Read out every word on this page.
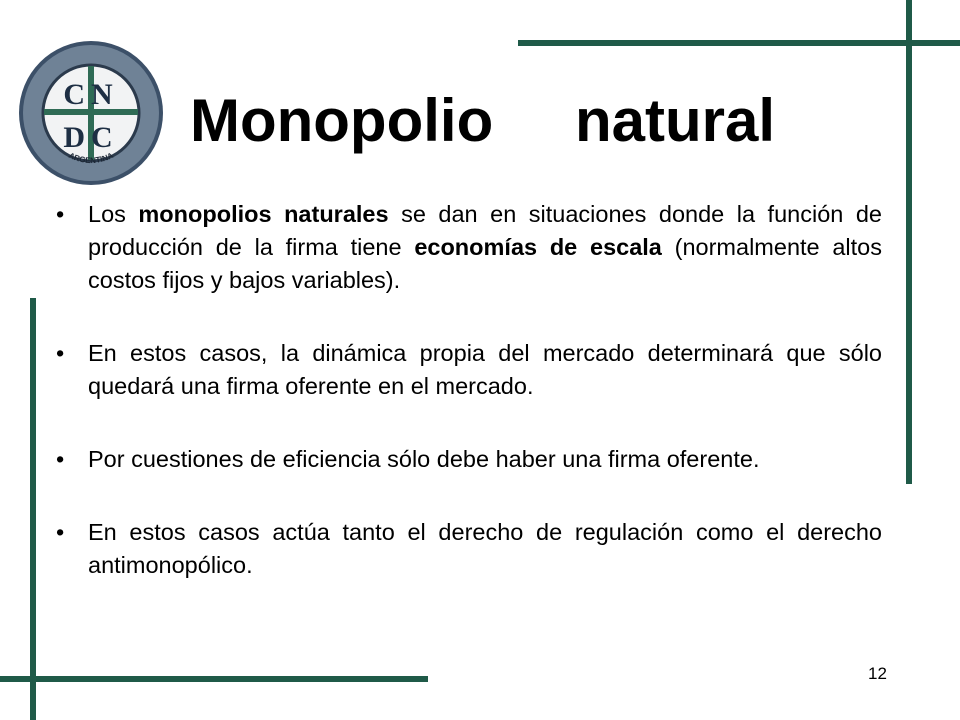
ARGENTINA
CN
DC Monopolio natural
• Los monopolios naturales se dan en situaciones donde la función de producción de la firma tiene economías de escala (normalmente altos costos fijos y bajos variables).
• En estos casos, la dinámica propia del mercado determinará que sólo quedará una firma oferente en el mercado.
• Por cuestiones de eficiencia sólo debe haber una firma oferente.
• En estos casos actúa tanto el derecho de regulación como el derecho antimonopólico.
12
